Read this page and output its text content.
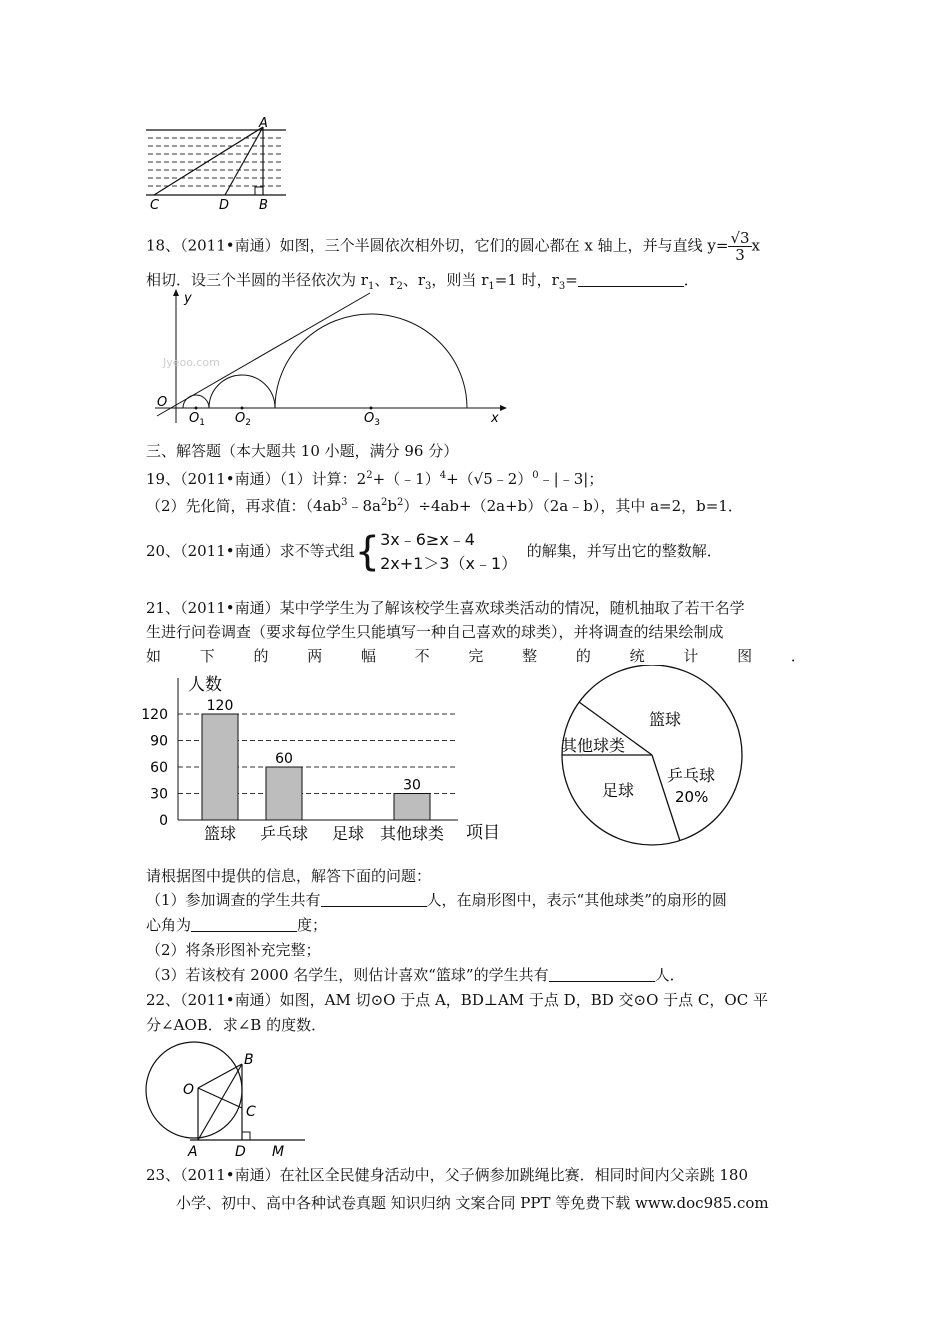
A
B
C	D
18、（2011•南通）如图，三个半圆依次相外切，它们的圆心都在 x 轴上，并与直线 $y= \frac{√3}{3}$ x
相切．设三个半圆的半径依次为 $r_1$、$r_2$、$r_3$，则当 $r_1=1$ 时，$r_3=$	．
Jyeoo.com
y
x
O
$O_1$ $O_2$	$O_3$
三、解答题（本大题共 10 小题，满分 96 分）
19、（2011•南通）（1）计算：$2^2+(﹣1)^4+(√5﹣2)^0﹣|﹣3|$；
（2）先化简，再求值：$(4ab^3﹣8a^2b^2)\div 4ab+(2a+b)(2a﹣b)$，其中 a=2，b=1．
20、（2011•南通）求不等式组{ 3x﹣6≥x﹣4
2x+1＞3（x﹣1）
的解集，并写出它的整数解．
21、（2011•南通）某中学学生为了解该校学生喜欢球类活动的情况，随机抽取了若干名学
生进行问卷调查（要求每位学生只能填写一种自己喜欢的球类），并将调查的结果绘制成
如	下	的	两	幅	不	完	整	的	统	计	图	．
人数
项目
0
30
60
90
120
120
篮球
60
乒乓球 足球
30
其他球类
篮球
其他球类
足球
乒乓球
20%
请根据图中提供的信息，解答下面的问题：
（1）参加调查的学生共有	人，在扇形图中，表示“其他球类”的扇形的圆
心角为	度；
（2）将条形图补充完整；
（3）若该校有 2000 名学生，则估计喜欢“篮球”的学生共有	人．
22、（2011•南通）如图，AM 切⊙O 于点 A，BD⊥AM 于点 D，BD 交⊙O 于点 C，OC 平
分∠AOB．求∠B 的度数．
O
B
C
A	D M
23、（2011•南通）在社区全民健身活动中，父子俩参加跳绳比赛．相同时间内父亲跳 180
小学、初中、高中各种试卷真题 知识归纳 文案合同 PPT 等免费下载 www.doc985.com
